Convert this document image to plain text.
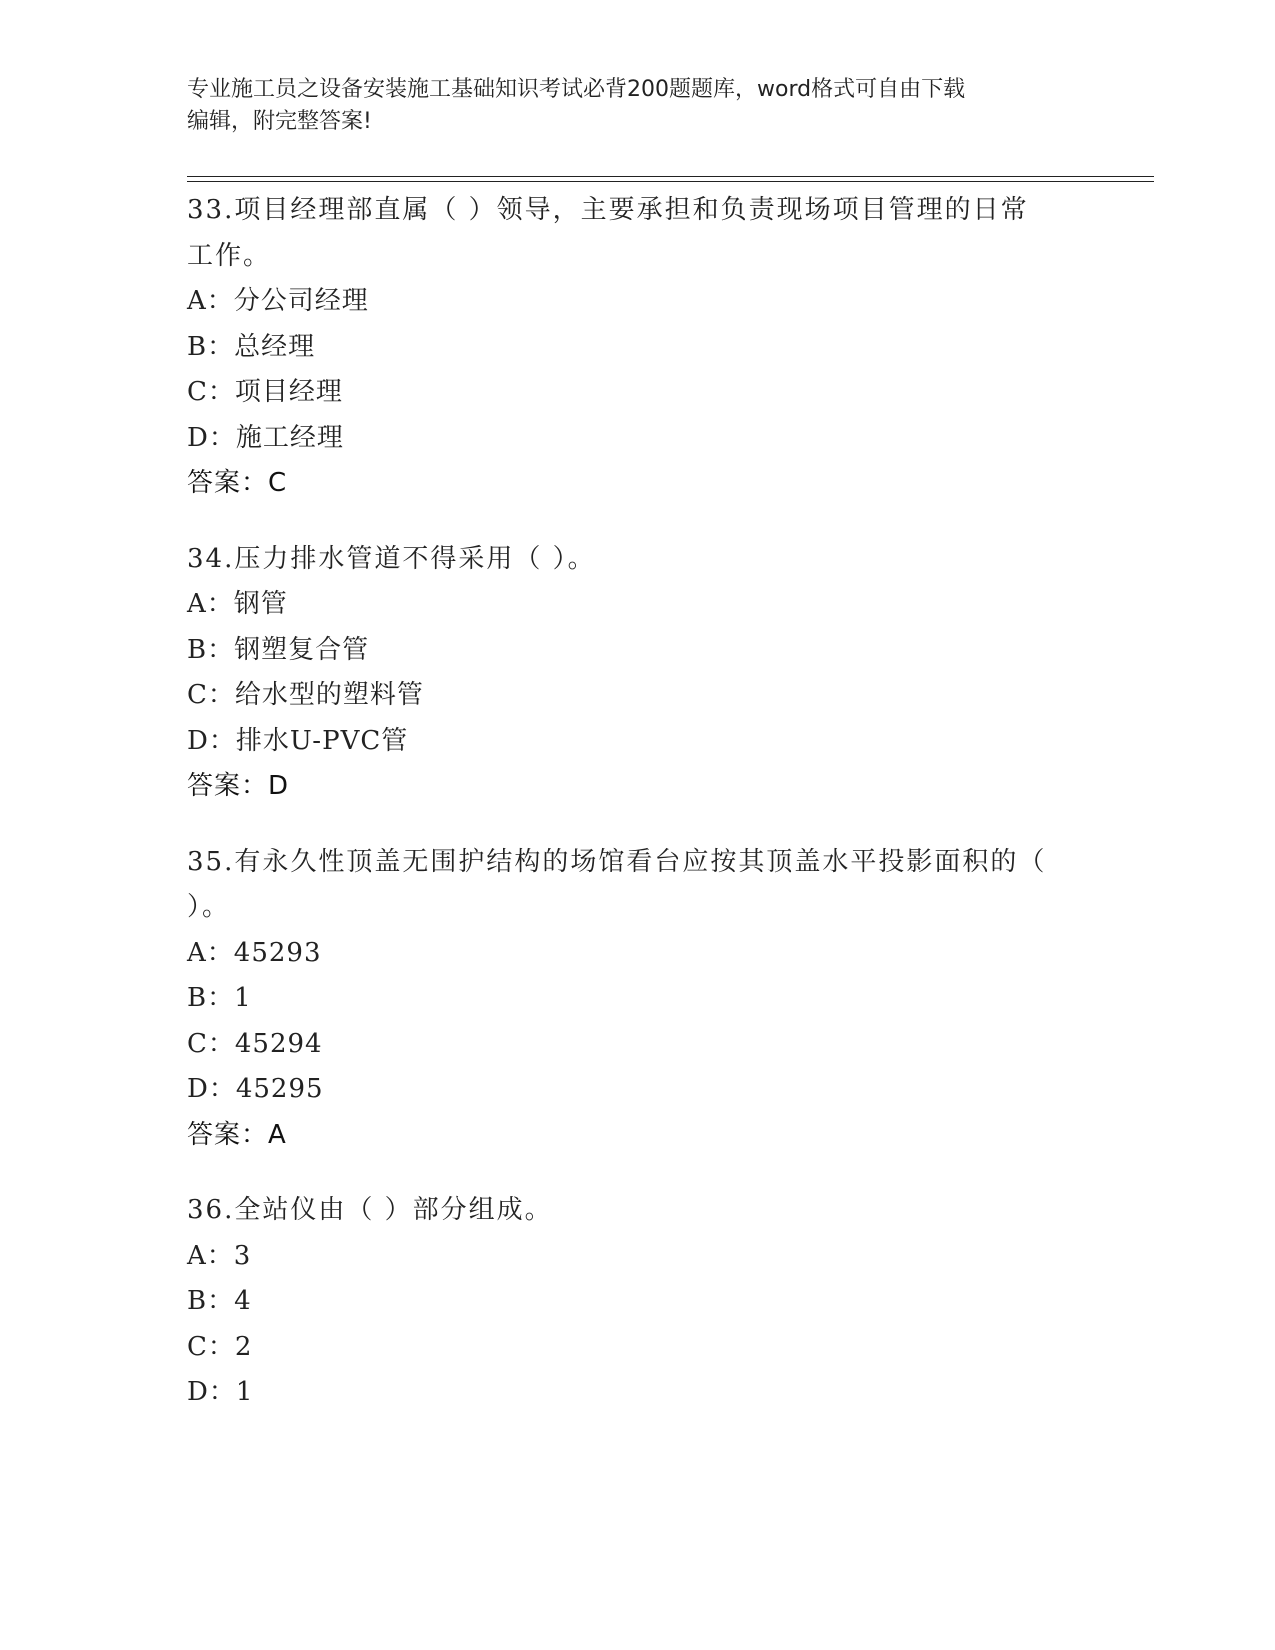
专业施工员之设备安装施工基础知识考试必背200题题库，word格式可自由下载
编辑，附完整答案!

33.项目经理部直属（ ）领导，主要承担和负责现场项目管理的日常

工作。

A：分公司经理

B：总经理

C：项目经理

D：施工经理

答案：C

34.压力排水管道不得采用（ ）。

A：钢管

B：钢塑复合管

C：给水型的塑料管

D：排水U-PVC管

答案：D

35.有永久性顶盖无围护结构的场馆看台应按其顶盖水平投影面积的（

）。

A：45293

B：1

C：45294

D：45295

答案：A

36.全站仪由（ ）部分组成。

A：3

B：4

C：2

D：1
